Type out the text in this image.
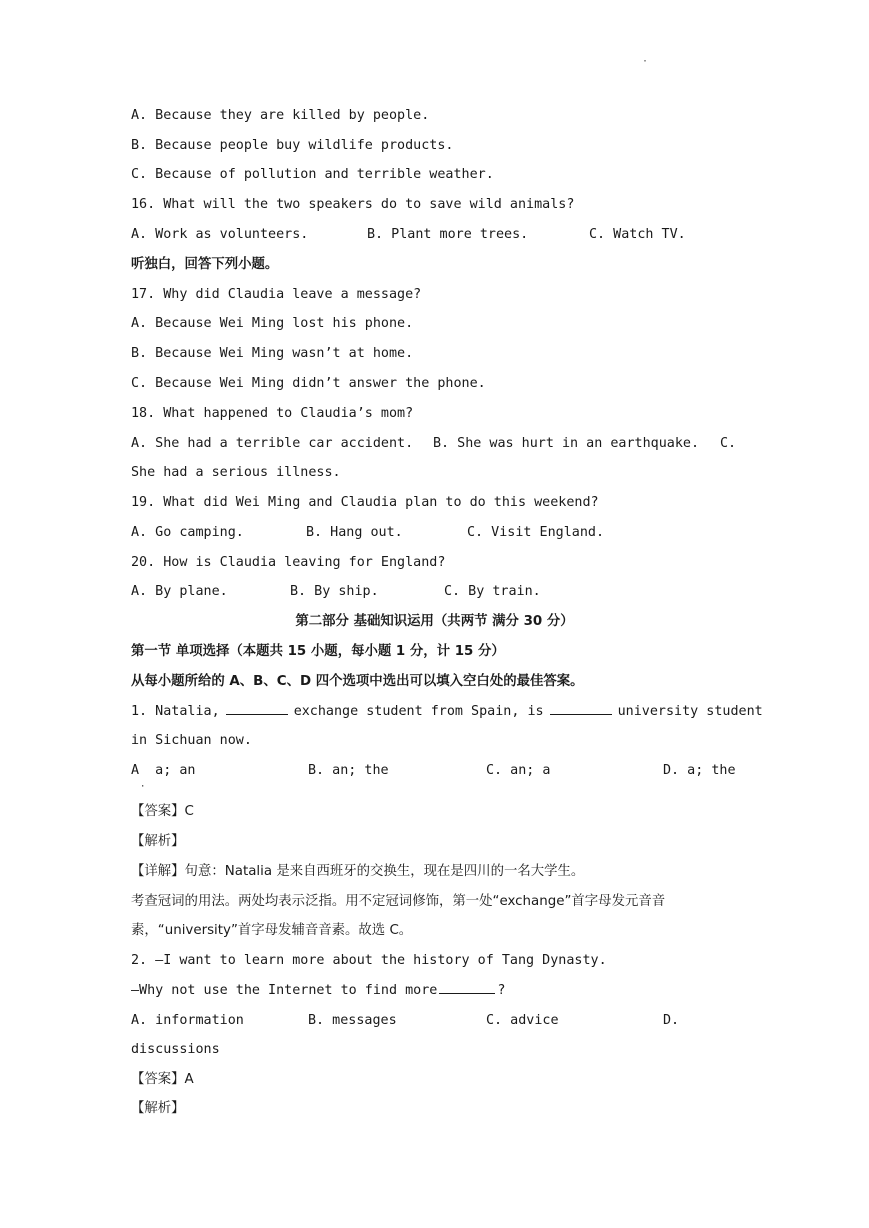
·
A. Because they are killed by people.
B. Because people buy wildlife products.
C. Because of pollution and terrible weather.
16. What will the two speakers do to save wild animals?
A. Work as volunteers.	B. Plant more trees.	C. Watch TV.
听独白，回答下列小题。
17. Why did Claudia leave a message?
A. Because Wei Ming lost his phone.
B. Because Wei Ming wasn’t at home.
C. Because Wei Ming didn’t answer the phone.
18. What happened to Claudia’s mom?
A. She had a terrible car accident. B. She was hurt in an earthquake. C.
She had a serious illness.
19. What did Wei Ming and Claudia plan to do this weekend?
A. Go camping.	B. Hang out.	C. Visit England.
20. How is Claudia leaving for England?
A. By plane.	B. By ship.	C. By train.
第二部分 基础知识运用（共两节 满分 30 分）
第一节 单项选择（本题共 15 小题，每小题 1 分，计 15 分）
从每小题所给的 A、B、C、D 四个选项中选出可以填入空白处的最佳答案。
1. Natalia,	exchange student from Spain, is	university student
in Sichuan now.
A  a; an
·
B. an; the	C. an; a	D. a; the
【答案】C
【解析】
【详解】句意：Natalia 是来自西班牙的交换生，现在是四川的一名大学生。
考查冠词的用法。两处均表示泛指。用不定冠词修饰，第一处“exchange”首字母发元音音
素，“university”首字母发辅音音素。故选 C。
2. —I want to learn more about the history of Tang Dynasty.
—Why not use the Internet to find more	?
A. information	B. messages	C. advice	D.
discussions
【答案】A
【解析】
